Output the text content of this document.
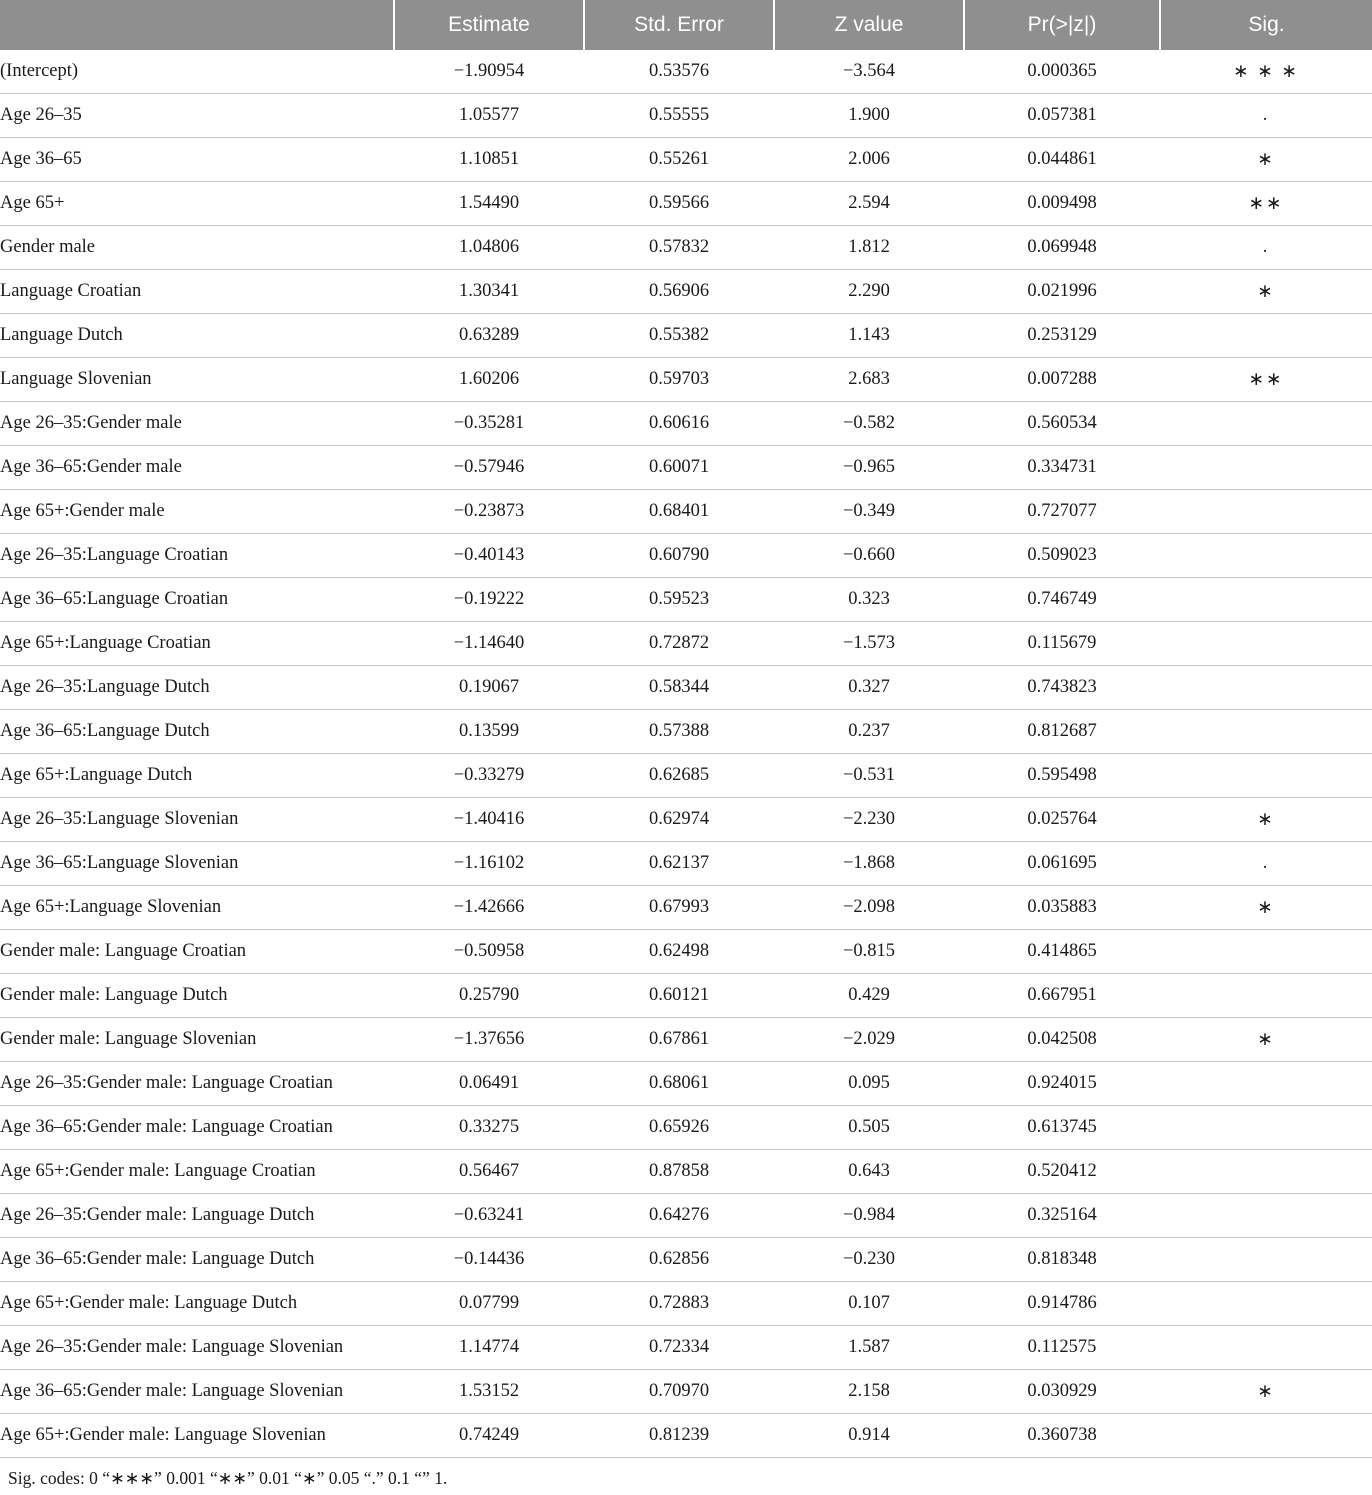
	Estimate	Std. Error	Z value	Pr(>|z|)	Sig.
(Intercept)	−1.90954	0.53576	−3.564	0.000365	∗ ∗ ∗
Age 26–35	1.05577	0.55555	1.900	0.057381	.
Age 36–65	1.10851	0.55261	2.006	0.044861	∗
Age 65+	1.54490	0.59566	2.594	0.009498	∗∗
Gender male	1.04806	0.57832	1.812	0.069948	.
Language Croatian	1.30341	0.56906	2.290	0.021996	∗
Language Dutch	0.63289	0.55382	1.143	0.253129	
Language Slovenian	1.60206	0.59703	2.683	0.007288	∗∗
Age 26–35:Gender male	−0.35281	0.60616	−0.582	0.560534	
Age 36–65:Gender male	−0.57946	0.60071	−0.965	0.334731	
Age 65+:Gender male	−0.23873	0.68401	−0.349	0.727077	
Age 26–35:Language Croatian	−0.40143	0.60790	−0.660	0.509023	
Age 36–65:Language Croatian	−0.19222	0.59523	0.323	0.746749	
Age 65+:Language Croatian	−1.14640	0.72872	−1.573	0.115679	
Age 26–35:Language Dutch	0.19067	0.58344	0.327	0.743823	
Age 36–65:Language Dutch	0.13599	0.57388	0.237	0.812687	
Age 65+:Language Dutch	−0.33279	0.62685	−0.531	0.595498	
Age 26–35:Language Slovenian	−1.40416	0.62974	−2.230	0.025764	∗
Age 36–65:Language Slovenian	−1.16102	0.62137	−1.868	0.061695	.
Age 65+:Language Slovenian	−1.42666	0.67993	−2.098	0.035883	∗
Gender male: Language Croatian	−0.50958	0.62498	−0.815	0.414865	
Gender male: Language Dutch	0.25790	0.60121	0.429	0.667951	
Gender male: Language Slovenian	−1.37656	0.67861	−2.029	0.042508	∗
Age 26–35:Gender male: Language Croatian	0.06491	0.68061	0.095	0.924015	
Age 36–65:Gender male: Language Croatian	0.33275	0.65926	0.505	0.613745	
Age 65+:Gender male: Language Croatian	0.56467	0.87858	0.643	0.520412	
Age 26–35:Gender male: Language Dutch	−0.63241	0.64276	−0.984	0.325164	
Age 36–65:Gender male: Language Dutch	−0.14436	0.62856	−0.230	0.818348	
Age 65+:Gender male: Language Dutch	0.07799	0.72883	0.107	0.914786	
Age 26–35:Gender male: Language Slovenian	1.14774	0.72334	1.587	0.112575	
Age 36–65:Gender male: Language Slovenian	1.53152	0.70970	2.158	0.030929	∗
Age 65+:Gender male: Language Slovenian	0.74249	0.81239	0.914	0.360738	
Sig. codes: 0 “∗∗∗” 0.001 “∗∗” 0.01 “∗” 0.05 “.” 0.1 “” 1.
